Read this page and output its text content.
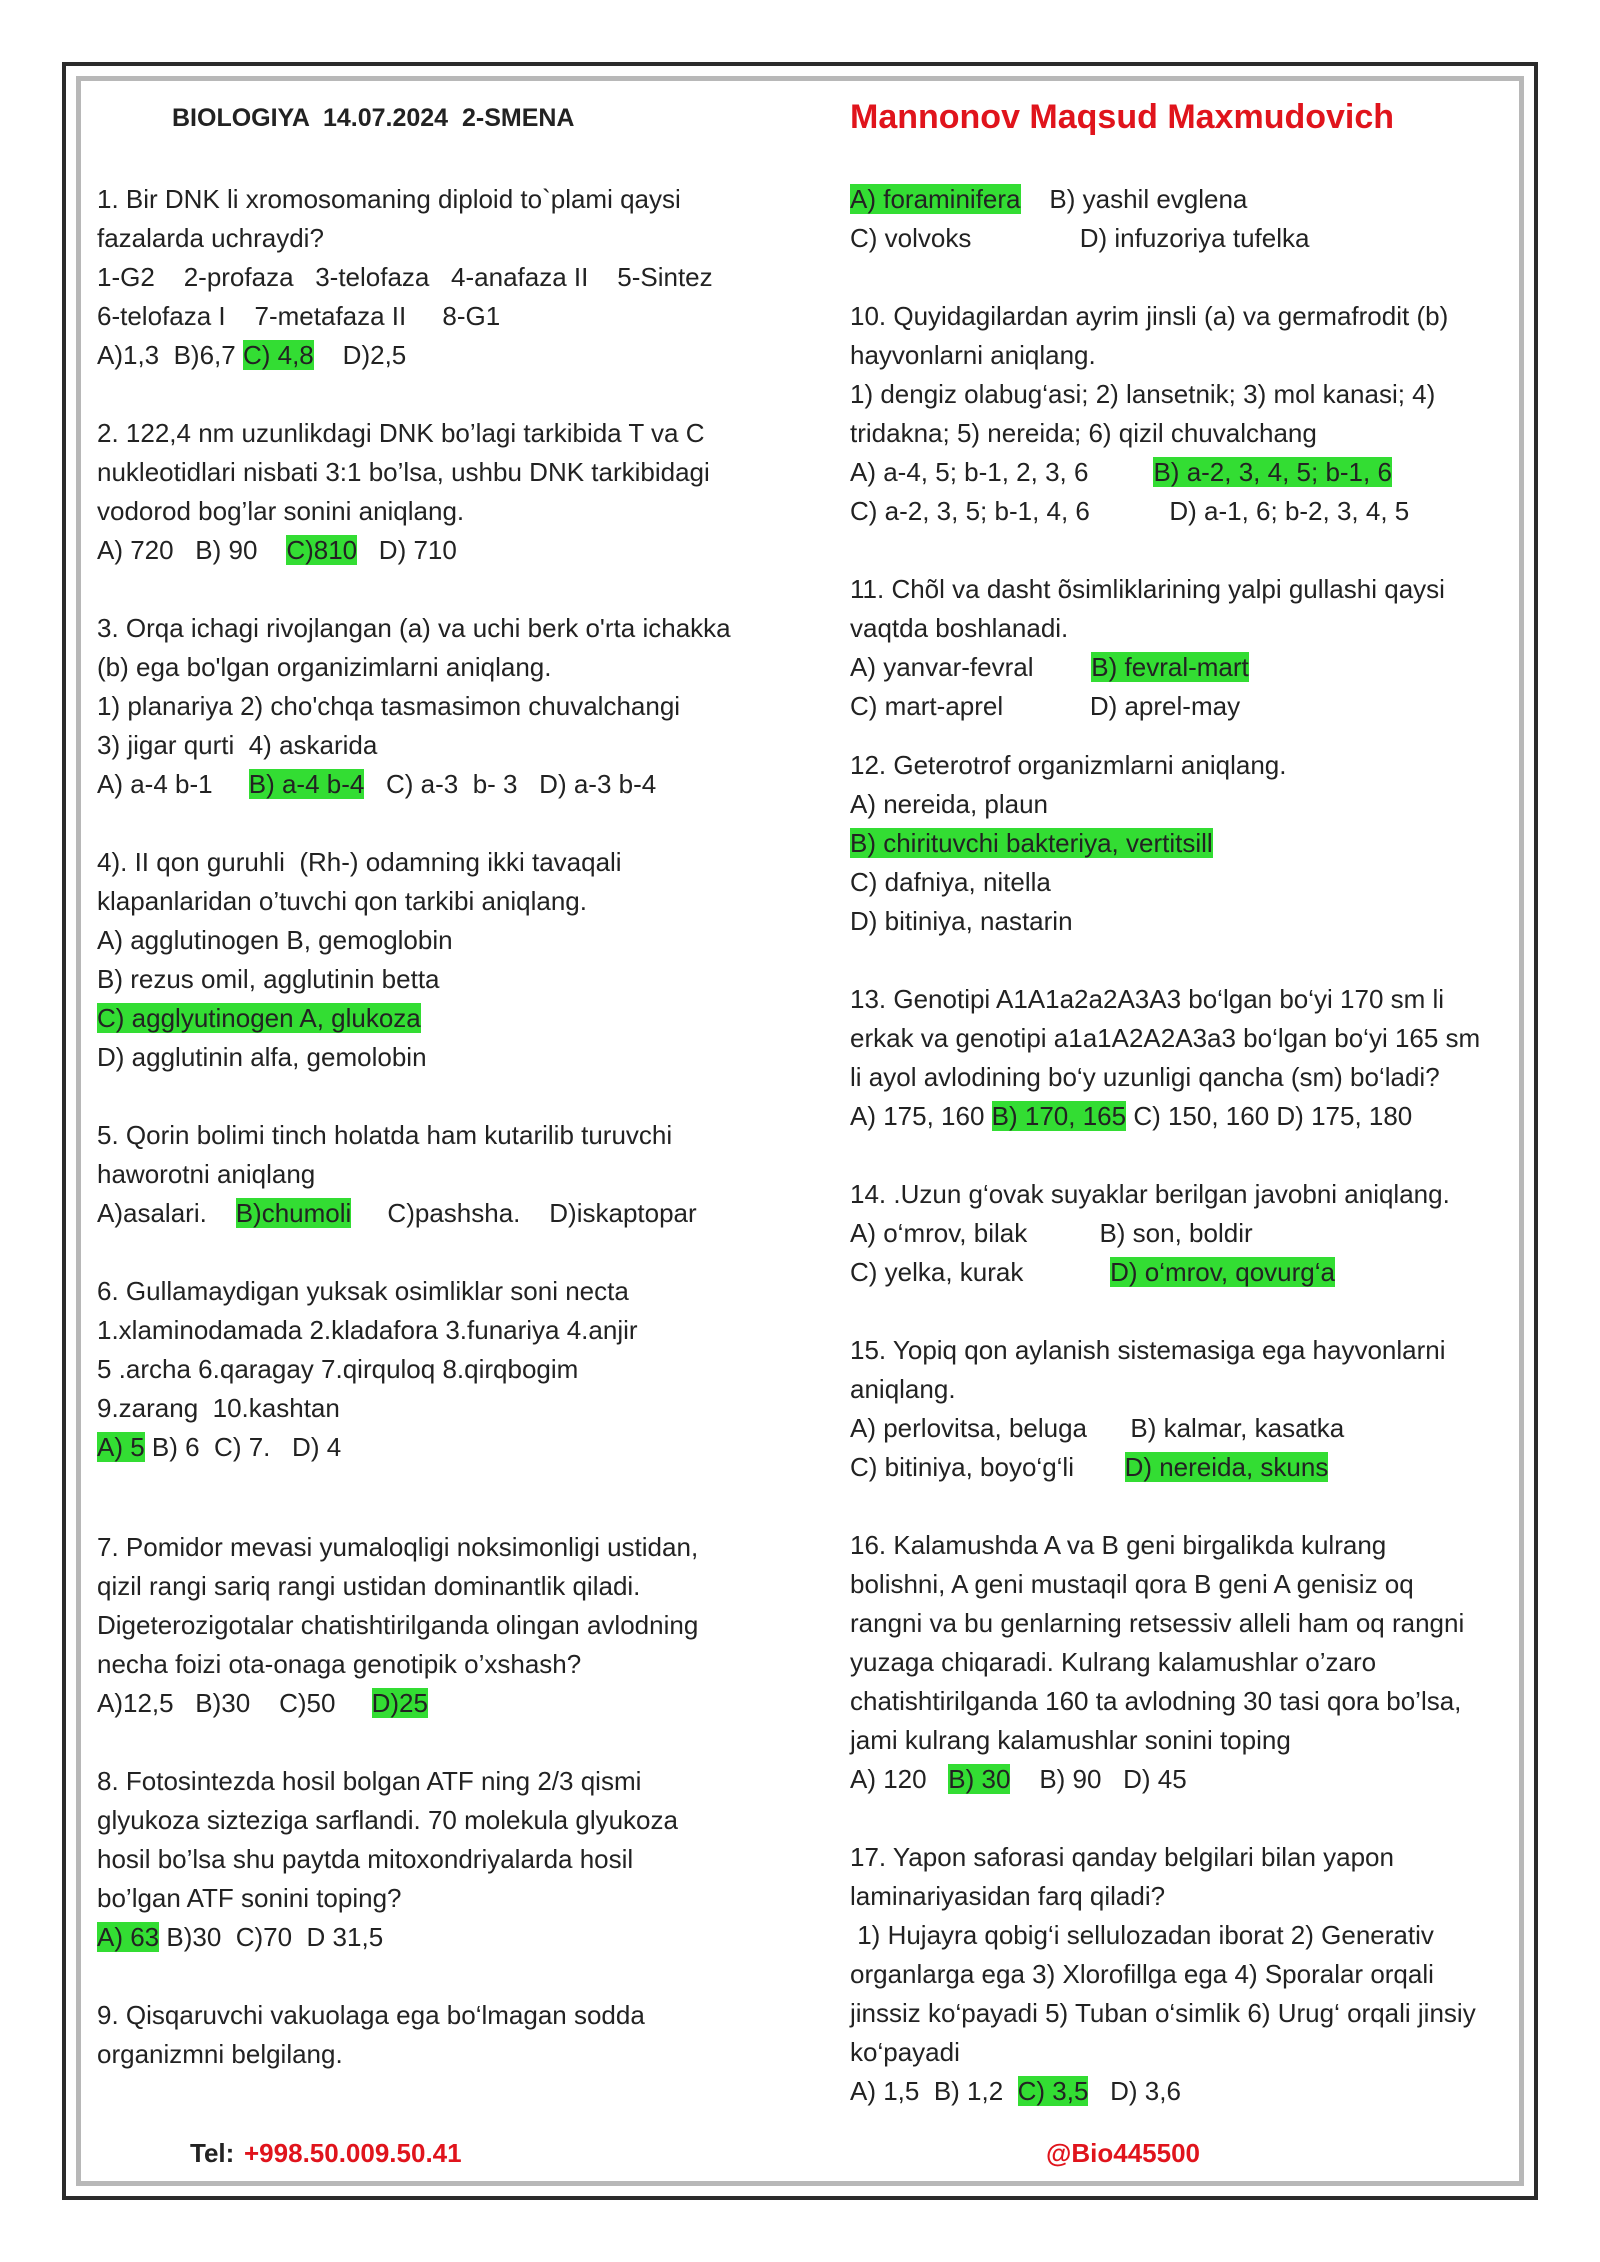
BIOLOGIYA  14.07.2024  2-SMENA	Mannonov Maqsud Maxmudovich
1. Bir DNK li xromosomaning diploid to`plami qaysi
fazalarda uchraydi?
1-G2    2-profaza   3-telofaza   4-anafaza II    5-Sintez
6-telofaza I    7-metafaza II     8-G1
A)1,3  B)6,7 C) 4,8    D)2,5
2. 122,4 nm uzunlikdagi DNK bo’lagi tarkibida T va C
nukleotidlari nisbati 3:1 bo’lsa, ushbu DNK tarkibidagi
vodorod bog’lar sonini aniqlang.
A) 720   B) 90    C)810   D) 710
3. Orqa ichagi rivojlangan (a) va uchi berk o'rta ichakka
(b) ega bo'lgan organizimlarni aniqlang.
1) planariya 2) cho'chqa tasmasimon chuvalchangi
3) jigar qurti  4) askarida
A) a-4 b-1     B) a-4 b-4   C) a-3  b- 3   D) a-3 b-4
4). II qon guruhli  (Rh-) odamning ikki tavaqali
klapanlaridan o’tuvchi qon tarkibi aniqlang.
A) agglutinogen B, gemoglobin
B) rezus omil, agglutinin betta
C) agglyutinogen A, glukoza
D) agglutinin alfa, gemolobin
5. Qorin bolimi tinch holatda ham kutarilib turuvchi
haworotni aniqlang
A)asalari.    B)chumoli     C)pashsha.    D)iskaptopar
6. Gullamaydigan yuksak osimliklar soni necta
1.xlaminodamada 2.kladafora 3.funariya 4.anjir
5 .archa 6.qaragay 7.qirquloq 8.qirqbogim
9.zarang  10.kashtan
A) 5 B) 6  C) 7.   D) 4
7. Pomidor mevasi yumaloqligi noksimonligi ustidan,
qizil rangi sariq rangi ustidan dominantlik qiladi.
Digeterozigotalar chatishtirilganda olingan avlodning
necha foizi ota-onaga genotipik o’xshash?
A)12,5   B)30    C)50     D)25
8. Fotosintezda hosil bolgan ATF ning 2/3 qismi
glyukoza sizteziga sarflandi. 70 molekula glyukoza
hosil bo’lsa shu paytda mitoxondriyalarda hosil
bo’lgan ATF sonini toping?
A) 63 B)30  C)70  D 31,5
9. Qisqaruvchi vakuolaga ega bo‘lmagan sodda
organizmni belgilang.
A) foraminifera    B) yashil evglena
C) volvoks               D) infuzoriya tufelka
10. Quyidagilardan ayrim jinsli (a) va germafrodit (b)
hayvonlarni aniqlang.
1) dengiz olabug‘asi; 2) lansetnik; 3) mol kanasi; 4)
tridakna; 5) nereida; 6) qizil chuvalchang
A) a-4, 5; b-1, 2, 3, 6         B) a-2, 3, 4, 5; b-1, 6
C) a-2, 3, 5; b-1, 4, 6           D) a-1, 6; b-2, 3, 4, 5
11. Chõl va dasht õsimliklarining yalpi gullashi qaysi
vaqtda boshlanadi.
A) yanvar-fevral        B) fevral-mart
C) mart-aprel            D) aprel-may
12. Geterotrof organizmlarni aniqlang.
A) nereida, plaun
B) chirituvchi bakteriya, vertitsill
C) dafniya, nitella
D) bitiniya, nastarin
13. Genotipi A1A1a2a2A3A3 bo‘lgan bo‘yi 170 sm li
erkak va genotipi a1a1A2A2A3a3 bo‘lgan bo‘yi 165 sm
li ayol avlodining bo‘y uzunligi qancha (sm) bo‘ladi?
A) 175, 160 B) 170, 165 C) 150, 160 D) 175, 180
14. .Uzun g‘ovak suyaklar berilgan javobni aniqlang.
A) o‘mrov, bilak          B) son, boldir
C) yelka, kurak            D) o‘mrov, qovurg‘a
15. Yopiq qon aylanish sistemasiga ega hayvonlarni
aniqlang.
A) perlovitsa, beluga      B) kalmar, kasatka
C) bitiniya, boyo‘g‘li       D) nereida, skuns
16. Kalamushda A va B geni birgalikda kulrang
bolishni, A geni mustaqil qora B geni A genisiz oq
rangni va bu genlarning retsessiv alleli ham oq rangni
yuzaga chiqaradi. Kulrang kalamushlar o’zaro
chatishtirilganda 160 ta avlodning 30 tasi qora bo’lsa,
jami kulrang kalamushlar sonini toping
A) 120   B) 30    B) 90   D) 45
17. Yapon saforasi qanday belgilari bilan yapon
laminariyasidan farq qiladi?
1) Hujayra qobig‘i sellulozadan iborat 2) Generativ
organlarga ega 3) Xlorofillga ega 4) Sporalar orqali
jinssiz ko‘payadi 5) Tuban o‘simlik 6) Urug‘ orqali jinsiy
ko‘payadi
A) 1,5  B) 1,2  C) 3,5   D) 3,6
Tel: +998.50.009.50.41	@Bio445500
